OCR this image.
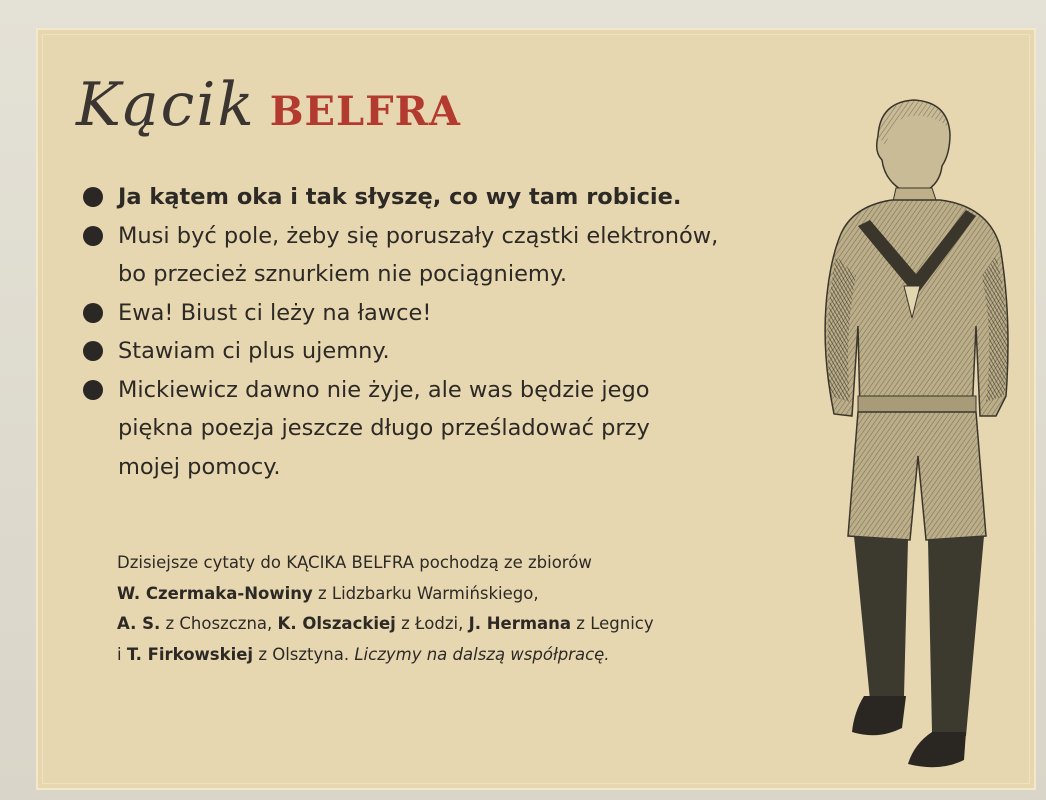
Kącik BELFRA
Ja kątem oka i tak słyszę, co wy tam robicie.
Musi być pole, żeby się poruszały cząstki elektronów,
bo przecież sznurkiem nie pociągniemy.
Ewa! Biust ci leży na ławce!
Stawiam ci plus ujemny.
Mickiewicz dawno nie żyje, ale was będzie jego
piękna poezja jeszcze długo prześladować przy
mojej pomocy.
Dzisiejsze cytaty do KĄCIKA BELFRA pochodzą ze zbiorów
W. Czermaka-Nowiny z Lidzbarku Warmińskiego,
A. S. z Choszczna, K. Olszackiej z Łodzi, J. Hermana z Legnicy
i T. Firkowskiej z Olsztyna. Liczymy na dalszą współpracę.
